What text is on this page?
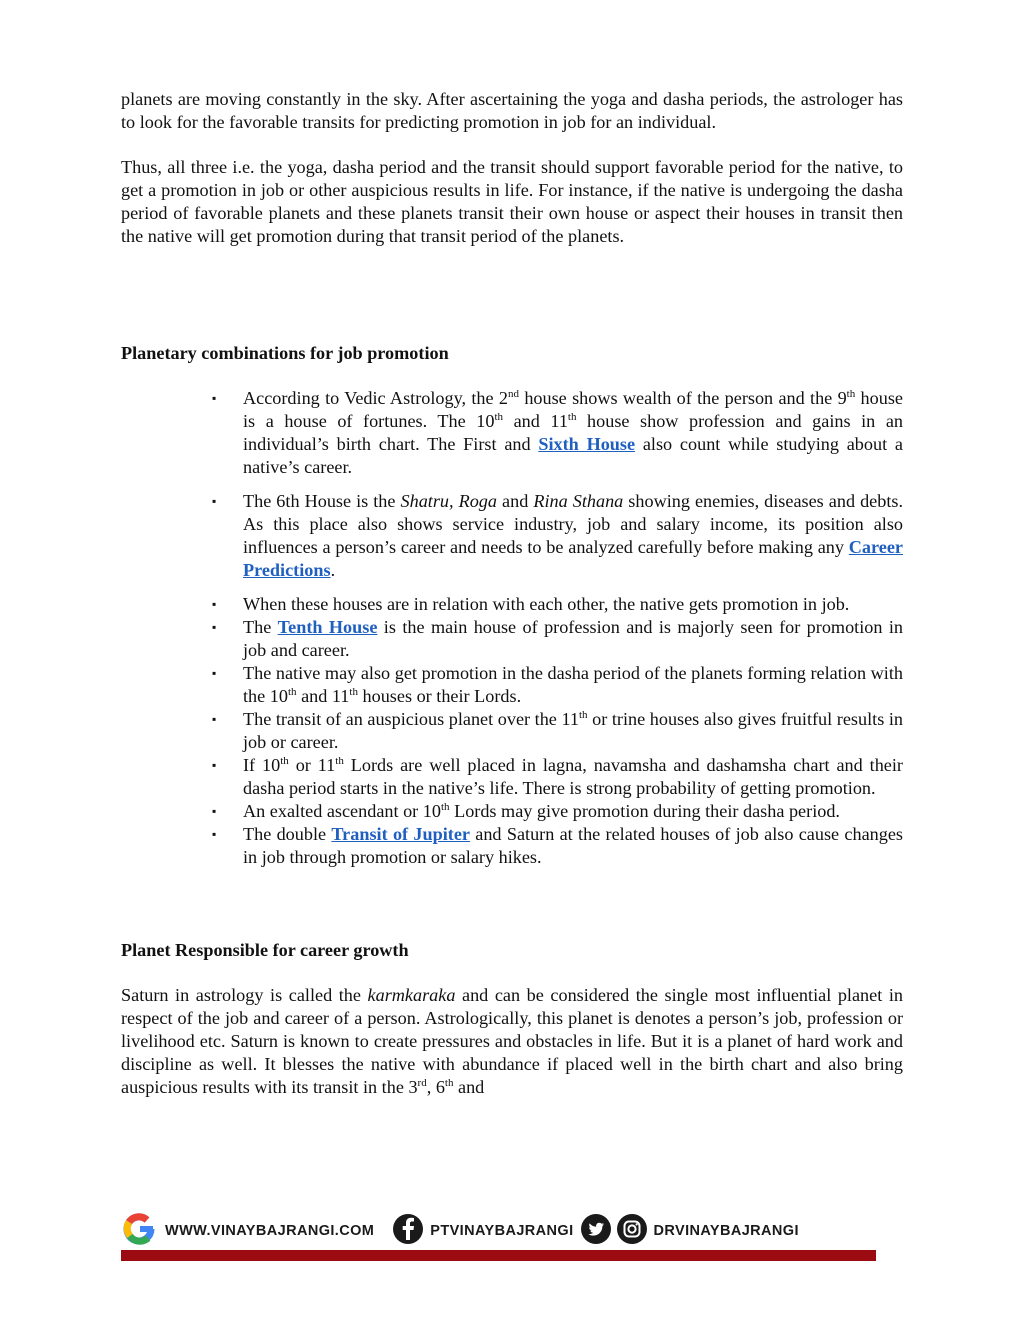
planets are moving constantly in the sky. After ascertaining the yoga and dasha periods, the astrologer has to look for the favorable transits for predicting promotion in job for an individual.

Thus, all three i.e. the yoga, dasha period and the transit should support favorable period for the native, to get a promotion in job or other auspicious results in life. For instance, if the native is undergoing the dasha period of favorable planets and these planets transit their own house or aspect their houses in transit then the native will get promotion during that transit period of the planets.

Planetary combinations for job promotion
▪ According to Vedic Astrology, the 2nd house shows wealth of the person and the 9th house is a house of fortunes. The 10th and 11th house show profession and gains in an individual’s birth chart. The First and Sixth House also count while studying about a native’s career.
▪ The 6th House is the Shatru, Roga and Rina Sthana showing enemies, diseases and debts. As this place also shows service industry, job and salary income, its position also influences a person’s career and needs to be analyzed carefully before making any Career Predictions.
▪ When these houses are in relation with each other, the native gets promotion in job.
▪ The Tenth House is the main house of profession and is majorly seen for promotion in job and career.
▪ The native may also get promotion in the dasha period of the planets forming relation with the 10th and 11th houses or their Lords.
▪ The transit of an auspicious planet over the 11th or trine houses also gives fruitful results in job or career.
▪ If 10th or 11th Lords are well placed in lagna, navamsha and dashamsha chart and their dasha period starts in the native’s life. There is strong probability of getting promotion.
▪ An exalted ascendant or 10th Lords may give promotion during their dasha period.
▪ The double Transit of Jupiter and Saturn at the related houses of job also cause changes in job through promotion or salary hikes.
Planet Responsible for career growth

Saturn in astrology is called the karmkaraka and can be considered the single most influential planet in respect of the job and career of a person. Astrologically, this planet is denotes a person’s job, profession or livelihood etc. Saturn is known to create pressures and obstacles in life. But it is a planet of hard work and discipline as well. It blesses the native with abundance if placed well in the birth chart and also bring auspicious results with its transit in the 3rd, 6th and

WWW.VINAYBAJRANGI.COM	PTVINAYBAJRANGI	DRVINAYBAJRANGI
